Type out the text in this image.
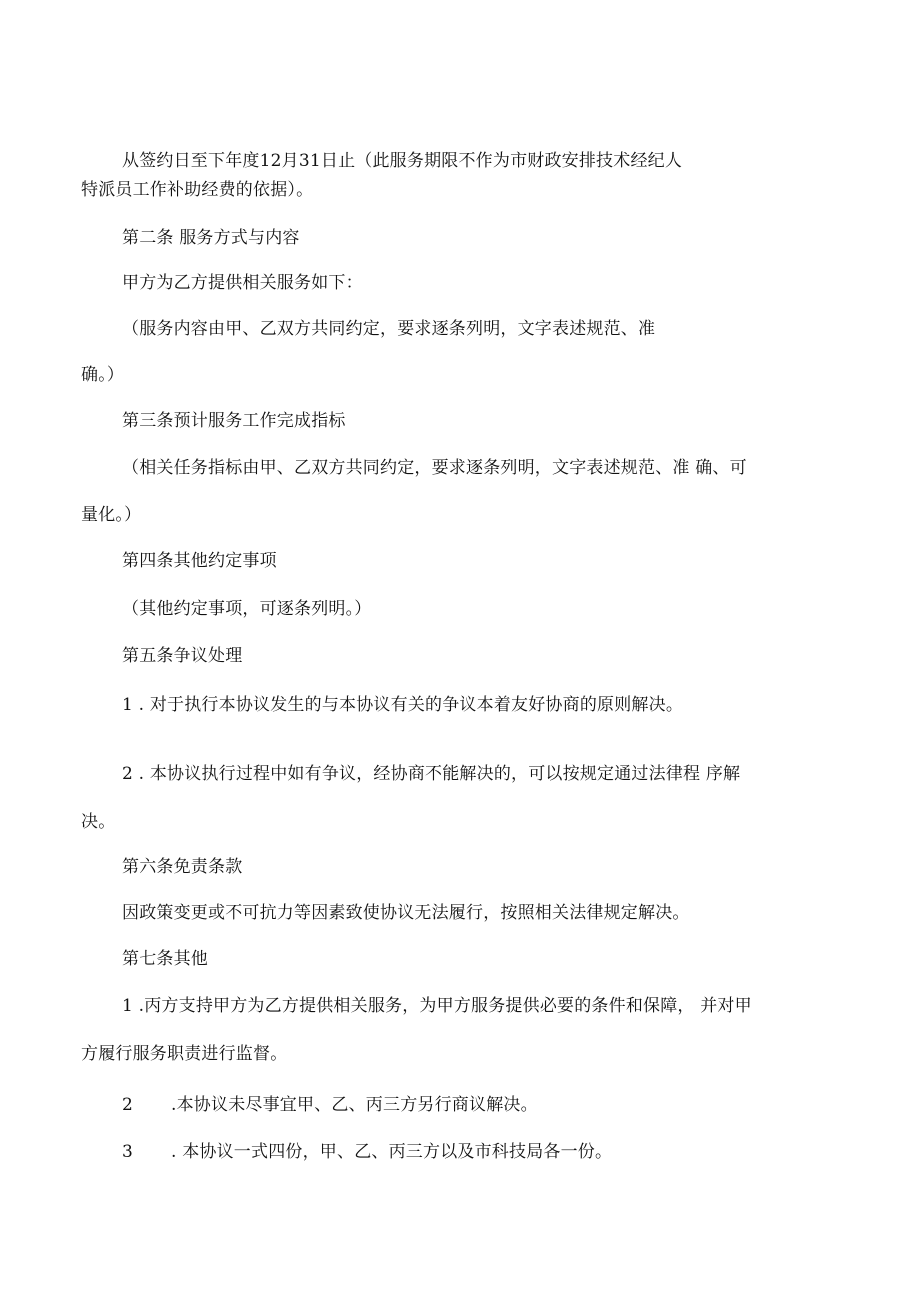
从签约日至下年度12月31日止（此服务期限不作为市财政安排技术经纪人
特派员工作补助经费的依据）。
第二条 服务方式与内容
甲方为乙方提供相关服务如下：
（服务内容由甲、乙双方共同约定，要求逐条列明，文字表述规范、准
确。）
第三条预计服务工作完成指标
（相关任务指标由甲、乙双方共同约定，要求逐条列明，文字表述规范、准 确、可
量化。）
第四条其他约定事项
（其他约定事项，可逐条列明。）
第五条争议处理
1 . 对于执行本协议发生的与本协议有关的争议本着友好协商的原则解决。
2 . 本协议执行过程中如有争议，经协商不能解决的，可以按规定通过法律程 序解
决。
第六条免责条款
因政策变更或不可抗力等因素致使协议无法履行，按照相关法律规定解决。
第七条其他
1 .丙方支持甲方为乙方提供相关服务，为甲方服务提供必要的条件和保障， 并对甲
方履行服务职责进行监督。
2 .本协议未尽事宜甲、乙、丙三方另行商议解决。
3 . 本协议一式四份，甲、乙、丙三方以及市科技局各一份。
